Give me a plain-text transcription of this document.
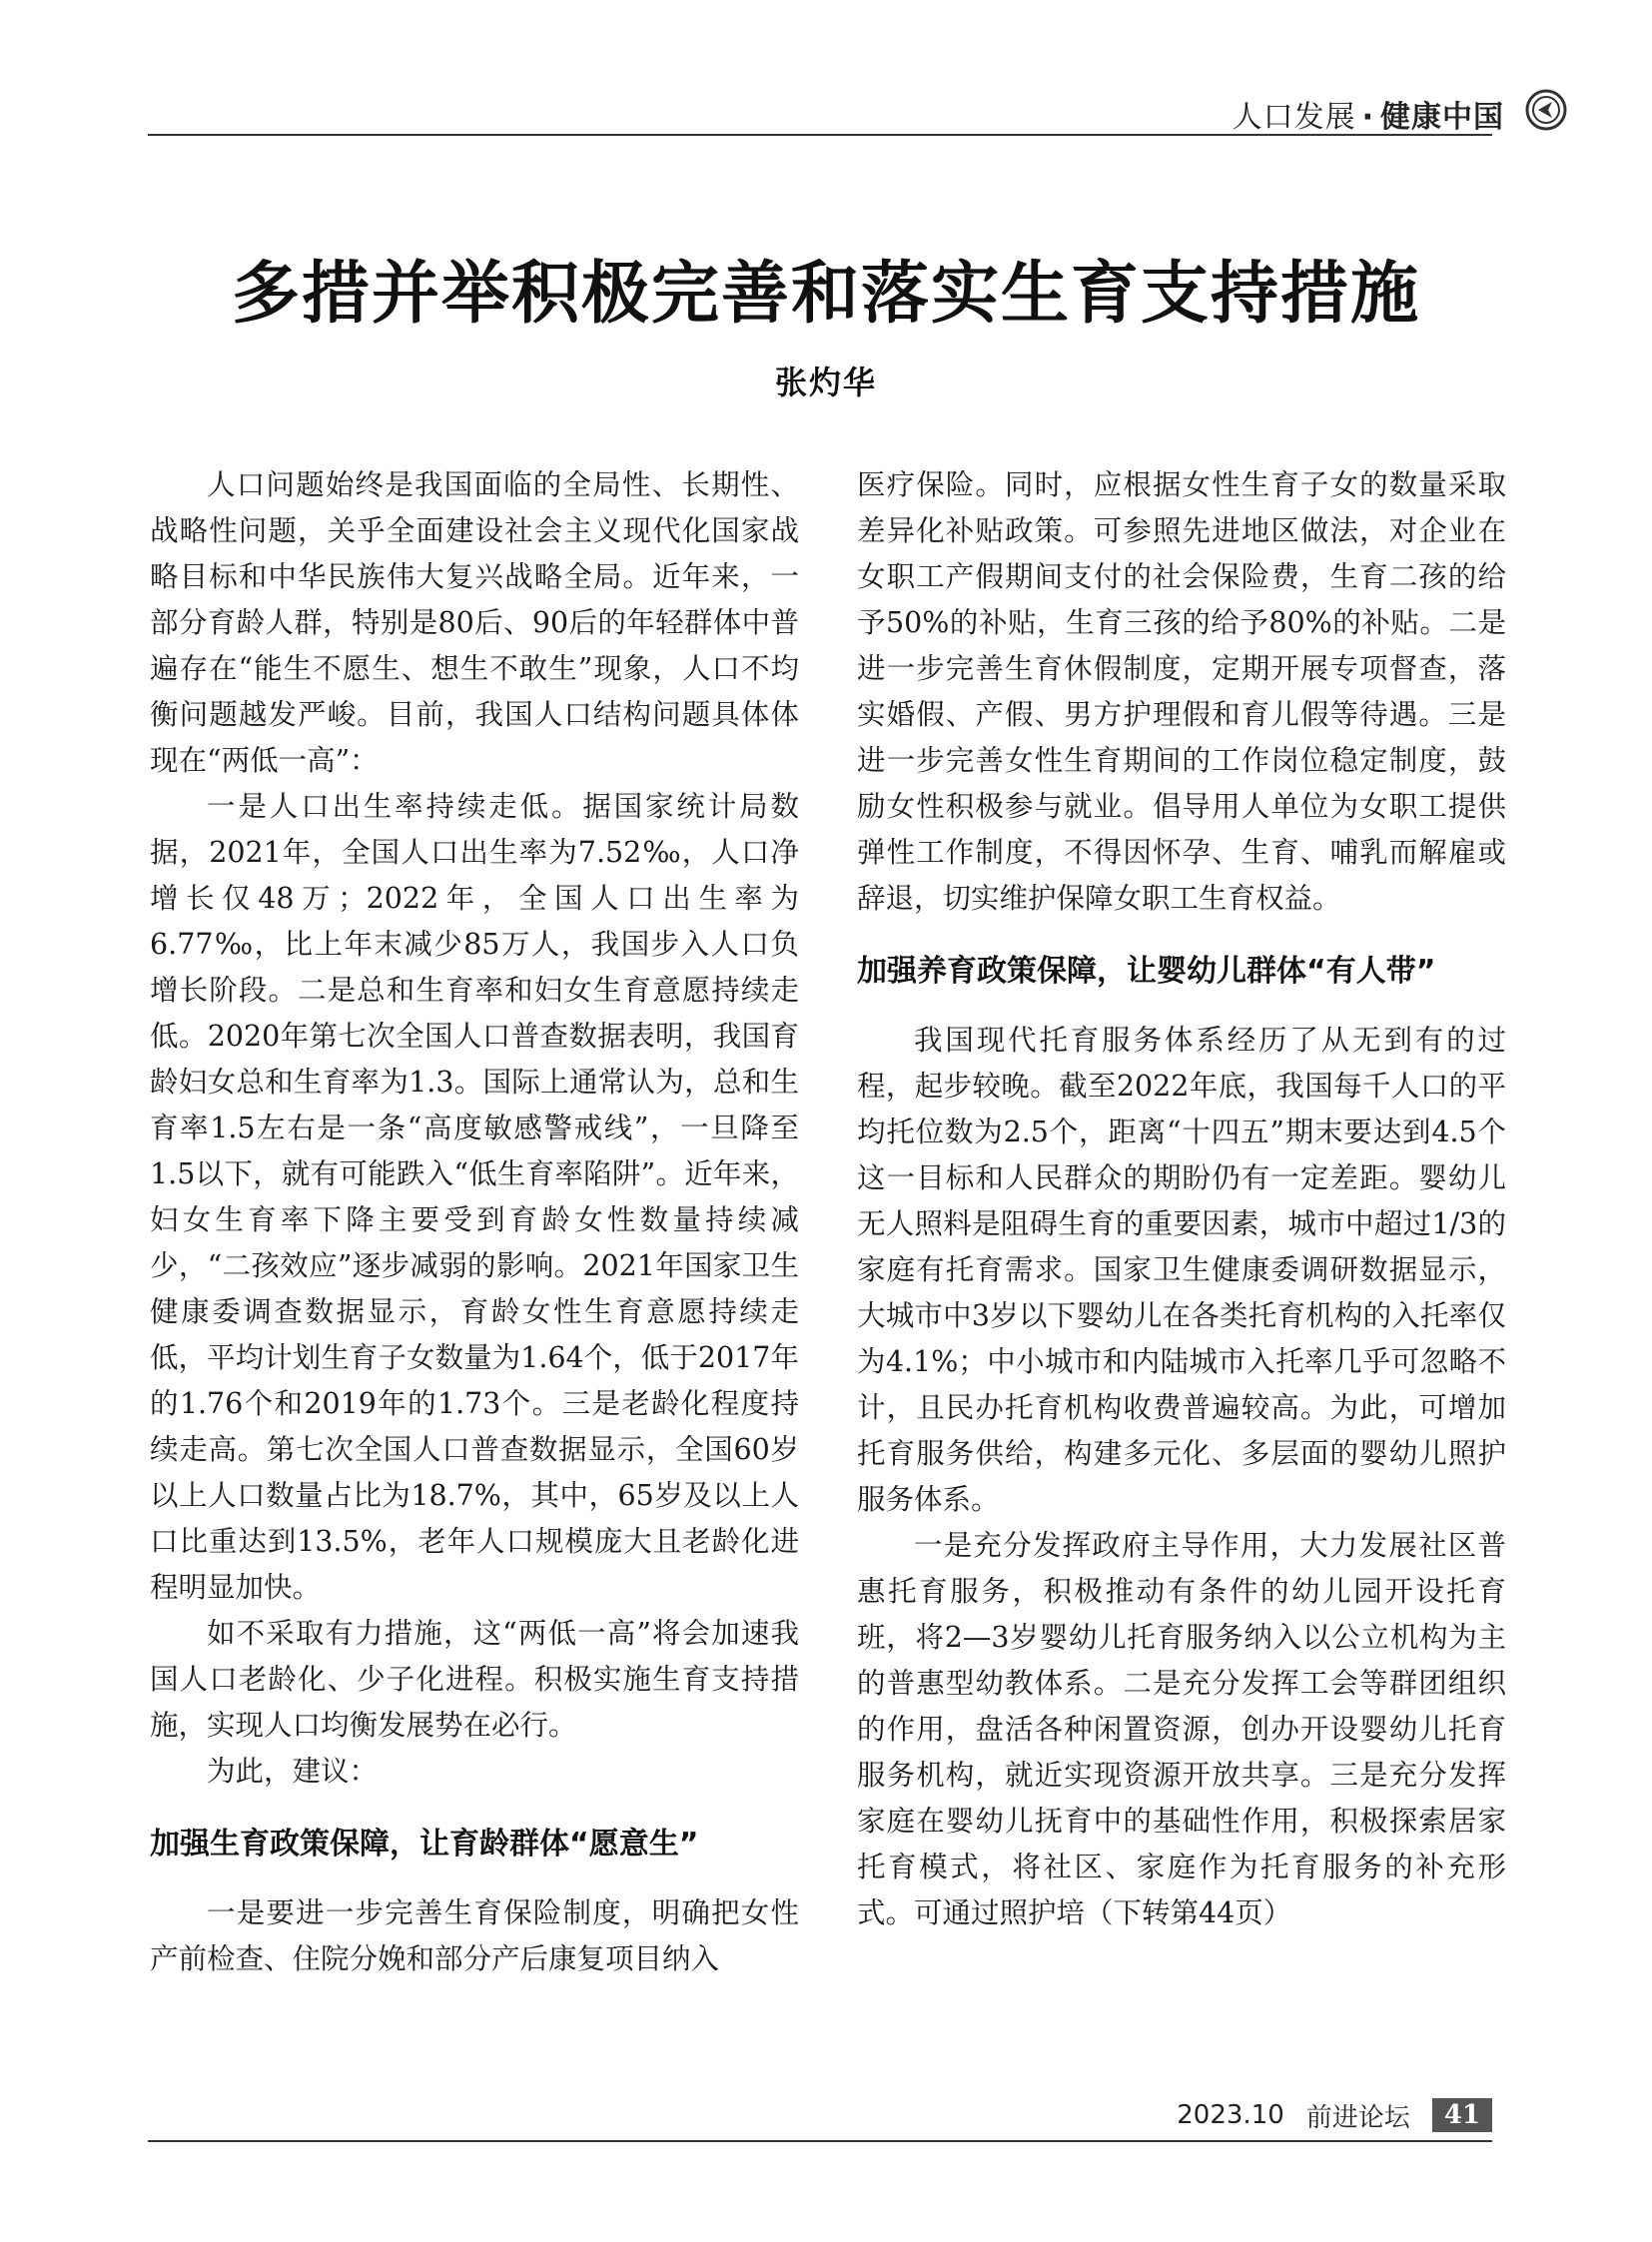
人口发展 · 健康中国
多措并举积极完善和落实生育支持措施
张灼华

人口问题始终是我国面临的全局性、长期性、战略性问题，关乎全面建设社会主义现代化国家战略目标和中华民族伟大复兴战略全局。近年来，一部分育龄人群，特别是80后、90后的年轻群体中普遍存在“能生不愿生、想生不敢生”现象，人口不均衡问题越发严峻。目前，我国人口结构问题具体体现在“两低一高”：

一是人口出生率持续走低。据国家统计局数据，2021年，全国人口出生率为7.52‰，人口净增长仅48万；2022年，全国人口出生率为6.77‰，比上年末减少85万人，我国步入人口负增长阶段。二是总和生育率和妇女生育意愿持续走低。2020年第七次全国人口普查数据表明，我国育龄妇女总和生育率为1.3。国际上通常认为，总和生育率1.5左右是一条“高度敏感警戒线”，一旦降至1.5以下，就有可能跌入“低生育率陷阱”。近年来，妇女生育率下降主要受到育龄女性数量持续减少，“二孩效应”逐步减弱的影响。2021年国家卫生健康委调查数据显示，育龄女性生育意愿持续走低，平均计划生育子女数量为1.64个，低于2017年的1.76个和2019年的1.73个。三是老龄化程度持续走高。第七次全国人口普查数据显示，全国60岁以上人口数量占比为18.7%，其中，65岁及以上人口比重达到13.5%，老年人口规模庞大且老龄化进程明显加快。

如不采取有力措施，这“两低一高”将会加速我国人口老龄化、少子化进程。积极实施生育支持措施，实现人口均衡发展势在必行。

为此，建议：

加强生育政策保障，让育龄群体“愿意生”

一是要进一步完善生育保险制度，明确把女性产前检查、住院分娩和部分产后康复项目纳入

医疗保险。同时，应根据女性生育子女的数量采取差异化补贴政策。可参照先进地区做法，对企业在女职工产假期间支付的社会保险费，生育二孩的给予50%的补贴，生育三孩的给予80%的补贴。二是进一步完善生育休假制度，定期开展专项督查，落实婚假、产假、男方护理假和育儿假等待遇。三是进一步完善女性生育期间的工作岗位稳定制度，鼓励女性积极参与就业。倡导用人单位为女职工提供弹性工作制度，不得因怀孕、生育、哺乳而解雇或辞退，切实维护保障女职工生育权益。

加强养育政策保障，让婴幼儿群体“有人带”

我国现代托育服务体系经历了从无到有的过程，起步较晚。截至2022年底，我国每千人口的平均托位数为2.5个，距离“十四五”期末要达到4.5个这一目标和人民群众的期盼仍有一定差距。婴幼儿无人照料是阻碍生育的重要因素，城市中超过1/3的家庭有托育需求。国家卫生健康委调研数据显示，大城市中3岁以下婴幼儿在各类托育机构的入托率仅为4.1%；中小城市和内陆城市入托率几乎可忽略不计，且民办托育机构收费普遍较高。为此，可增加托育服务供给，构建多元化、多层面的婴幼儿照护服务体系。

一是充分发挥政府主导作用，大力发展社区普惠托育服务，积极推动有条件的幼儿园开设托育班，将2—3岁婴幼儿托育服务纳入以公立机构为主的普惠型幼教体系。二是充分发挥工会等群团组织的作用，盘活各种闲置资源，创办开设婴幼儿托育服务机构，就近实现资源开放共享。三是充分发挥家庭在婴幼儿抚育中的基础性作用，积极探索居家托育模式，将社区、家庭作为托育服务的补充形式。可通过照护培（下转第44页）

2023.10 前进论坛	41
